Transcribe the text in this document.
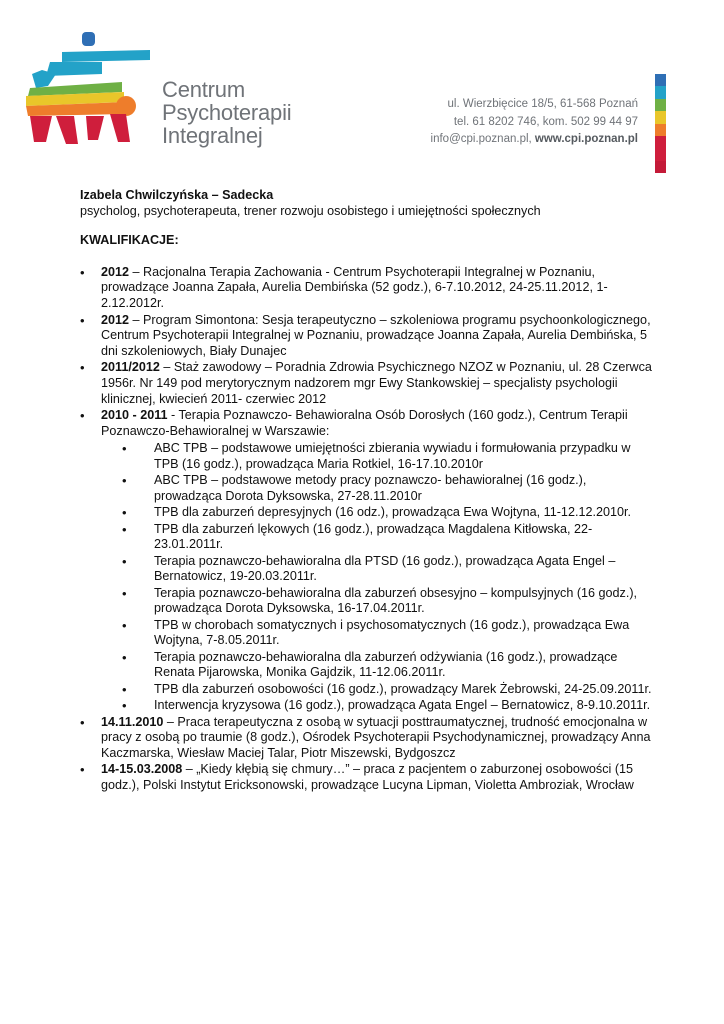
Centrum
Psychoterapii
Integralnej
ul. Wierzbięcice 18/5, 61-568 Poznań
tel. 61 8202 746, kom. 502 99 44 97
info@cpi.poznan.pl, www.cpi.poznan.pl
Izabela Chwilczyńska – Sadecka
psycholog, psychoterapeuta, trener rozwoju osobistego i umiejętności społecznych
KWALIFIKACJE:
• 2012 – Racjonalna Terapia Zachowania - Centrum Psychoterapii Integralnej w Poznaniu, prowadzące Joanna Zapała, Aurelia Dembińska (52 godz.), 6-7.10.2012, 24-25.11.2012, 1-2.12.2012r.
• 2012 – Program Simontona: Sesja terapeutyczno – szkoleniowa programu psychoonkologicznego, Centrum Psychoterapii Integralnej w Poznaniu, prowadzące Joanna Zapała, Aurelia Dembińska, 5 dni szkoleniowych, Biały Dunajec
• 2011/2012 – Staż zawodowy – Poradnia Zdrowia Psychicznego NZOZ w Poznaniu, ul. 28 Czerwca 1956r. Nr 149 pod merytorycznym nadzorem mgr Ewy Stankowskiej – specjalisty psychologii klinicznej, kwiecień 2011- czerwiec 2012
• 2010 - 2011 - Terapia Poznawczo- Behawioralna Osób Dorosłych (160 godz.), Centrum Terapii Poznawczo-Behawioralnej w Warszawie:
• ABC TPB – podstawowe umiejętności zbierania wywiadu i formułowania przypadku w TPB (16 godz.), prowadząca Maria Rotkiel, 16-17.10.2010r
• ABC TPB – podstawowe metody pracy poznawczo- behawioralnej (16 godz.), prowadząca Dorota Dyksowska, 27-28.11.2010r
• TPB dla zaburzeń depresyjnych (16 odz.), prowadząca Ewa Wojtyna, 11-12.12.2010r.
• TPB dla zaburzeń lękowych (16 godz.), prowadząca Magdalena Kitłowska, 22-23.01.2011r.
• Terapia poznawczo-behawioralna dla PTSD (16 godz.), prowadząca Agata Engel – Bernatowicz, 19-20.03.2011r.
• Terapia poznawczo-behawioralna dla zaburzeń obsesyjno – kompulsyjnych (16 godz.), prowadząca Dorota Dyksowska, 16-17.04.2011r.
• TPB w chorobach somatycznych i psychosomatycznych (16 godz.), prowadząca Ewa Wojtyna, 7-8.05.2011r.
• Terapia poznawczo-behawioralna dla zaburzeń odżywiania (16 godz.), prowadzące Renata Pijarowska, Monika Gajdzik, 11-12.06.2011r.
• TPB dla zaburzeń osobowości (16 godz.), prowadzący Marek Żebrowski, 24-25.09.2011r.
• Interwencja kryzysowa (16 godz.), prowadząca Agata Engel – Bernatowicz, 8-9.10.2011r.
• 14.11.2010 – Praca terapeutyczna z osobą w sytuacji posttraumatycznej, trudność emocjonalna w pracy z osobą po traumie (8 godz.), Ośrodek Psychoterapii Psychodynamicznej, prowadzący Anna Kaczmarska, Wiesław Maciej Talar, Piotr Miszewski, Bydgoszcz
• 14-15.03.2008 – „Kiedy kłębią się chmury…” – praca z pacjentem o zaburzonej osobowości (15 godz.), Polski Instytut Ericksonowski, prowadzące Lucyna Lipman, Violetta Ambroziak, Wrocław
